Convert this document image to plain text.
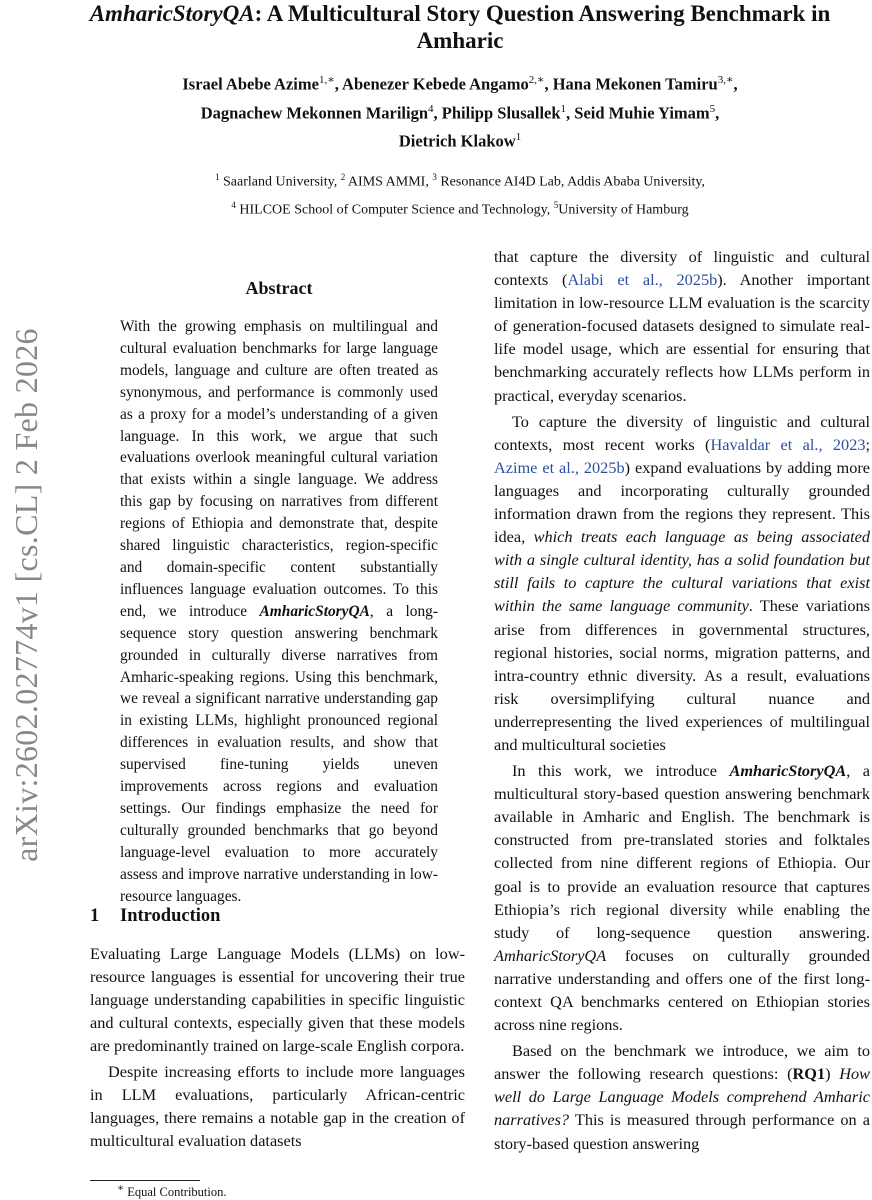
AmharicStoryQA: A Multicultural Story Question Answering Benchmark in Amharic
Israel Abebe Azime$^{1,∗}$, Abenezer Kebede Angamo$^{2,∗}$, Hana Mekonen Tamiru$^{3,∗}$,
Dagnachew Mekonnen Marilign$^4$, Philipp Slusallek$^1$, Seid Muhie Yimam$^5$,
Dietrich Klakow$^1$
$^1$ Saarland University, $^2$ AIMS AMMI, $^3$ Resonance AI4D Lab, Addis Ababa University,
$^4$ HILCOE School of Computer Science and Technology, $^5$University of Hamburg
arXiv:2602.02774v1 [cs.CL] 2 Feb 2026
Abstract
With the growing emphasis on multilingual and cultural evaluation benchmarks for large language models, language and culture are often treated as synonymous, and performance is commonly used as a proxy for a model’s understanding of a given language. In this work, we argue that such evaluations overlook meaningful cultural variation that exists within a single language. We address this gap by focusing on narratives from different regions of Ethiopia and demonstrate that, despite shared linguistic characteristics, region-specific and domain-specific content substantially influences language evaluation outcomes. To this end, we introduce AmharicStoryQA, a long-sequence story question answering benchmark grounded in culturally diverse narratives from Amharic-speaking regions. Using this benchmark, we reveal a significant narrative understanding gap in existing LLMs, highlight pronounced regional differences in evaluation results, and show that supervised fine-tuning yields uneven improvements across regions and evaluation settings. Our findings emphasize the need for culturally grounded benchmarks that go beyond language-level evaluation to more accurately assess and improve narrative understanding in low-resource languages.
1 Introduction

Evaluating Large Language Models (LLMs) on low-resource languages is essential for uncovering their true language understanding capabilities in specific linguistic and cultural contexts, especially given that these models are predominantly trained on large-scale English corpora.

Despite increasing efforts to include more languages in LLM evaluations, particularly African-centric languages, there remains a notable gap in the creation of multicultural evaluation datasets

∗ Equal Contribution.

that capture the diversity of linguistic and cultural contexts (Alabi et al., 2025b). Another important limitation in low-resource LLM evaluation is the scarcity of generation-focused datasets designed to simulate real-life model usage, which are essential for ensuring that benchmarking accurately reflects how LLMs perform in practical, everyday scenarios.

To capture the diversity of linguistic and cultural contexts, most recent works (Havaldar et al., 2023; Azime et al., 2025b) expand evaluations by adding more languages and incorporating culturally grounded information drawn from the regions they represent. This idea, which treats each language as being associated with a single cultural identity, has a solid foundation but still fails to capture the cultural variations that exist within the same language community. These variations arise from differences in governmental structures, regional histories, social norms, migration patterns, and intra-country ethnic diversity. As a result, evaluations risk oversimplifying cultural nuance and underrepresenting the lived experiences of multilingual and multicultural societies

In this work, we introduce AmharicStoryQA, a multicultural story-based question answering benchmark available in Amharic and English. The benchmark is constructed from pre-translated stories and folktales collected from nine different regions of Ethiopia. Our goal is to provide an evaluation resource that captures Ethiopia’s rich regional diversity while enabling the study of long-sequence question answering. AmharicStoryQA focuses on culturally grounded narrative understanding and offers one of the first long-context QA benchmarks centered on Ethiopian stories across nine regions.

Based on the benchmark we introduce, we aim to answer the following research questions: (RQ1) How well do Large Language Models comprehend Amharic narratives? This is measured through performance on a story-based question answering
